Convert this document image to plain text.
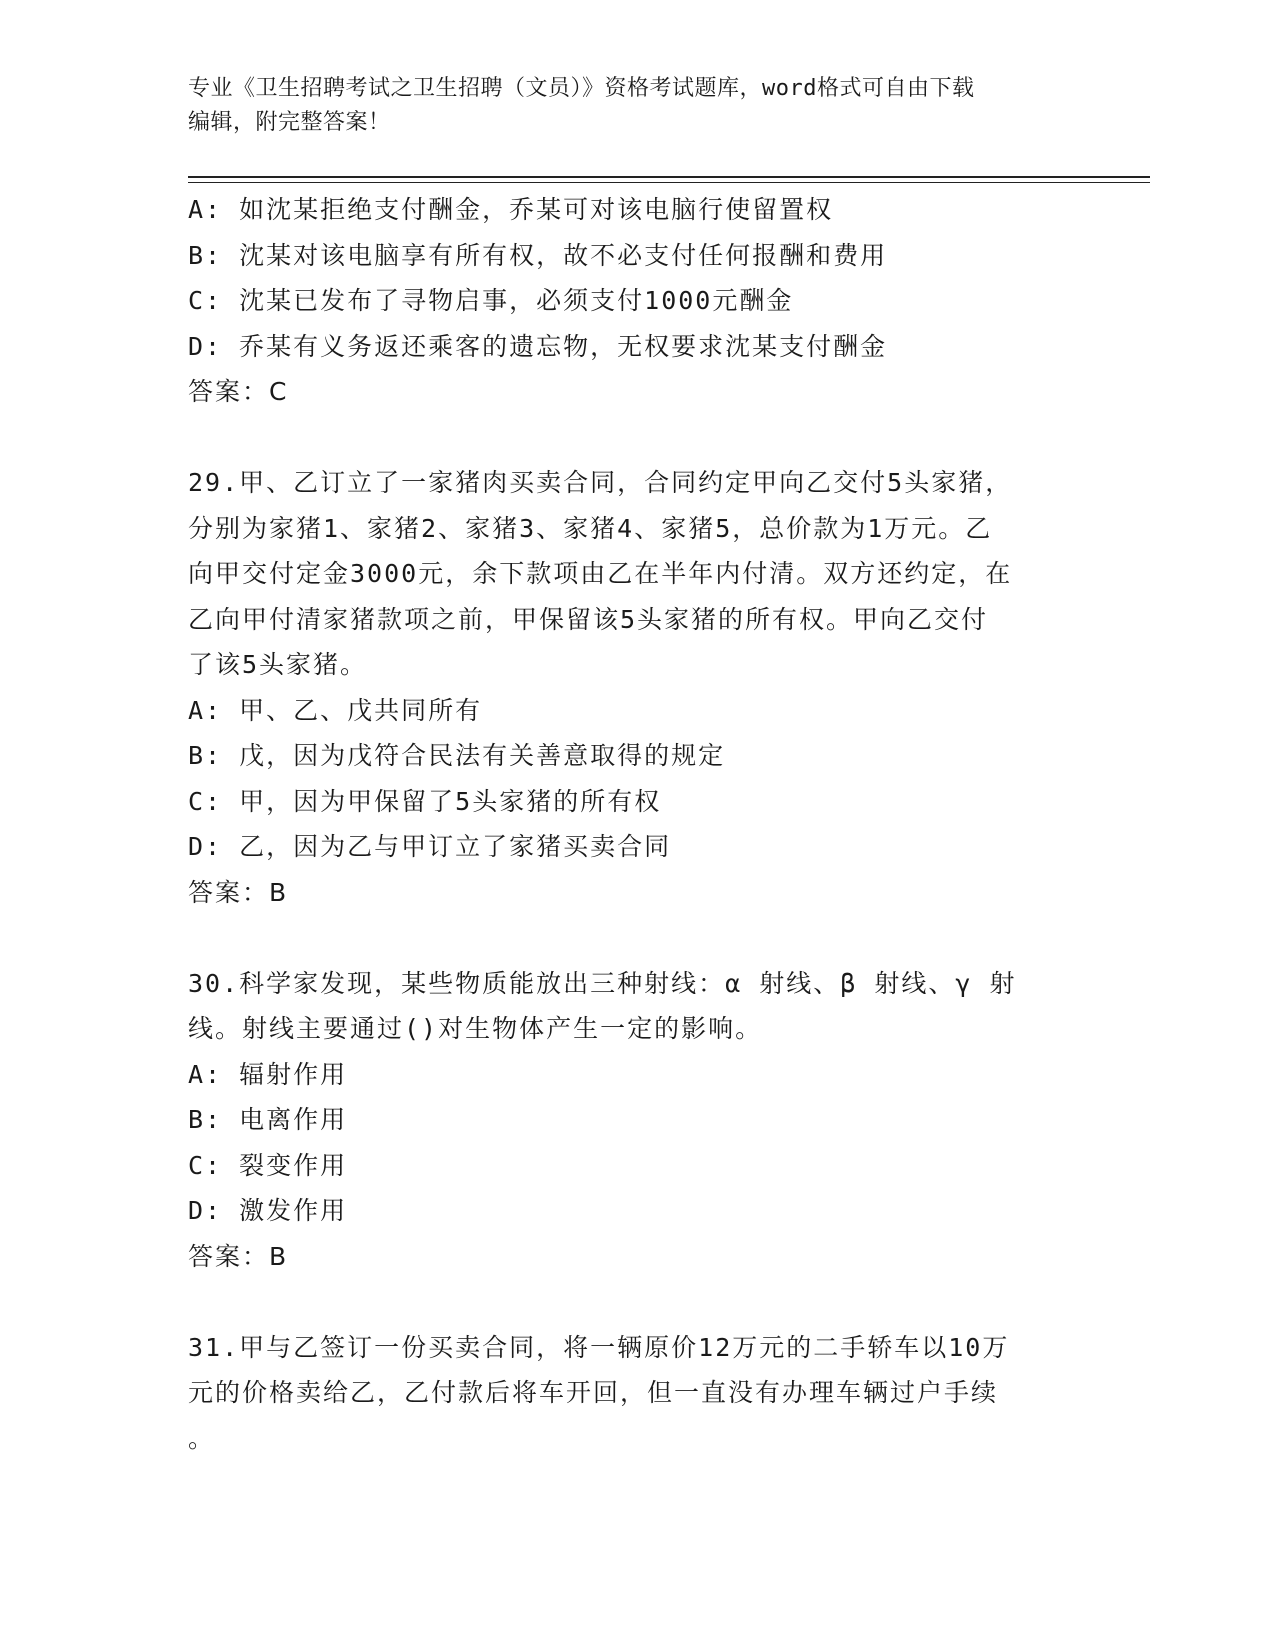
专业《卫生招聘考试之卫生招聘（文员）》资格考试题库，word格式可自由下载
编辑，附完整答案！
A: 如沈某拒绝支付酬金，乔某可对该电脑行使留置权
B: 沈某对该电脑享有所有权，故不必支付任何报酬和费用
C: 沈某已发布了寻物启事，必须支付1000元酬金
D: 乔某有义务返还乘客的遗忘物，无权要求沈某支付酬金
答案：C
29.甲、乙订立了一家猪肉买卖合同，合同约定甲向乙交付5头家猪，
分别为家猪1、家猪2、家猪3、家猪4、家猪5，总价款为1万元。乙
向甲交付定金3000元，余下款项由乙在半年内付清。双方还约定，在
乙向甲付清家猪款项之前，甲保留该5头家猪的所有权。甲向乙交付
了该5头家猪。
A: 甲、乙、戊共同所有
B: 戊，因为戊符合民法有关善意取得的规定
C: 甲，因为甲保留了5头家猪的所有权
D: 乙，因为乙与甲订立了家猪买卖合同
答案：B
30.科学家发现，某些物质能放出三种射线：α 射线、β 射线、γ 射
线。射线主要通过()对生物体产生一定的影响。
A: 辐射作用
B: 电离作用
C: 裂变作用
D: 激发作用
答案：B
31.甲与乙签订一份买卖合同，将一辆原价12万元的二手轿车以10万
元的价格卖给乙，乙付款后将车开回，但一直没有办理车辆过户手续
。
